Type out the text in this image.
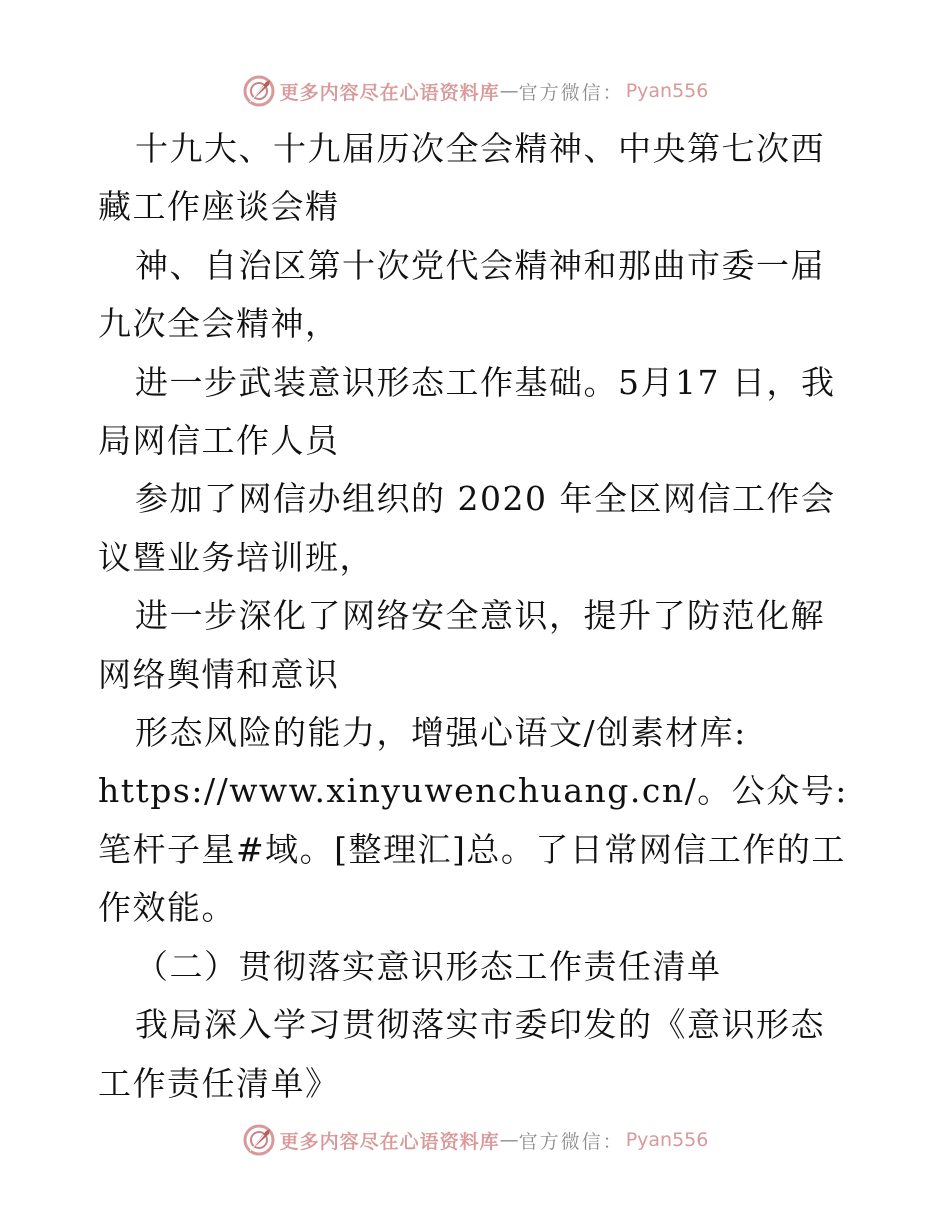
更多内容尽在心语资料库 — 官方微信： Pyan556

十九大、十九届历次全会精神、中央第七次西藏工作座谈会精

神、自治区第十次党代会精神和那曲市委一届九次全会精神，

进一步武装意识形态工作基础。5月17 日，我局网信工作人员

参加了网信办组织的 2020 年全区网信工作会议暨业务培训班，

进一步深化了网络安全意识，提升了防范化解网络舆情和意识

形态风险的能力，增强心语文/创素材库:

https://www.xinyuwenchuang.cn/。公众号: 笔杆子星#域。[整理汇]总。了日常网信工作的工作效能。

（二）贯彻落实意识形态工作责任清单

我局深入学习贯彻落实市委印发的《意识形态工作责任清单》

更多内容尽在心语资料库 — 官方微信： Pyan556
